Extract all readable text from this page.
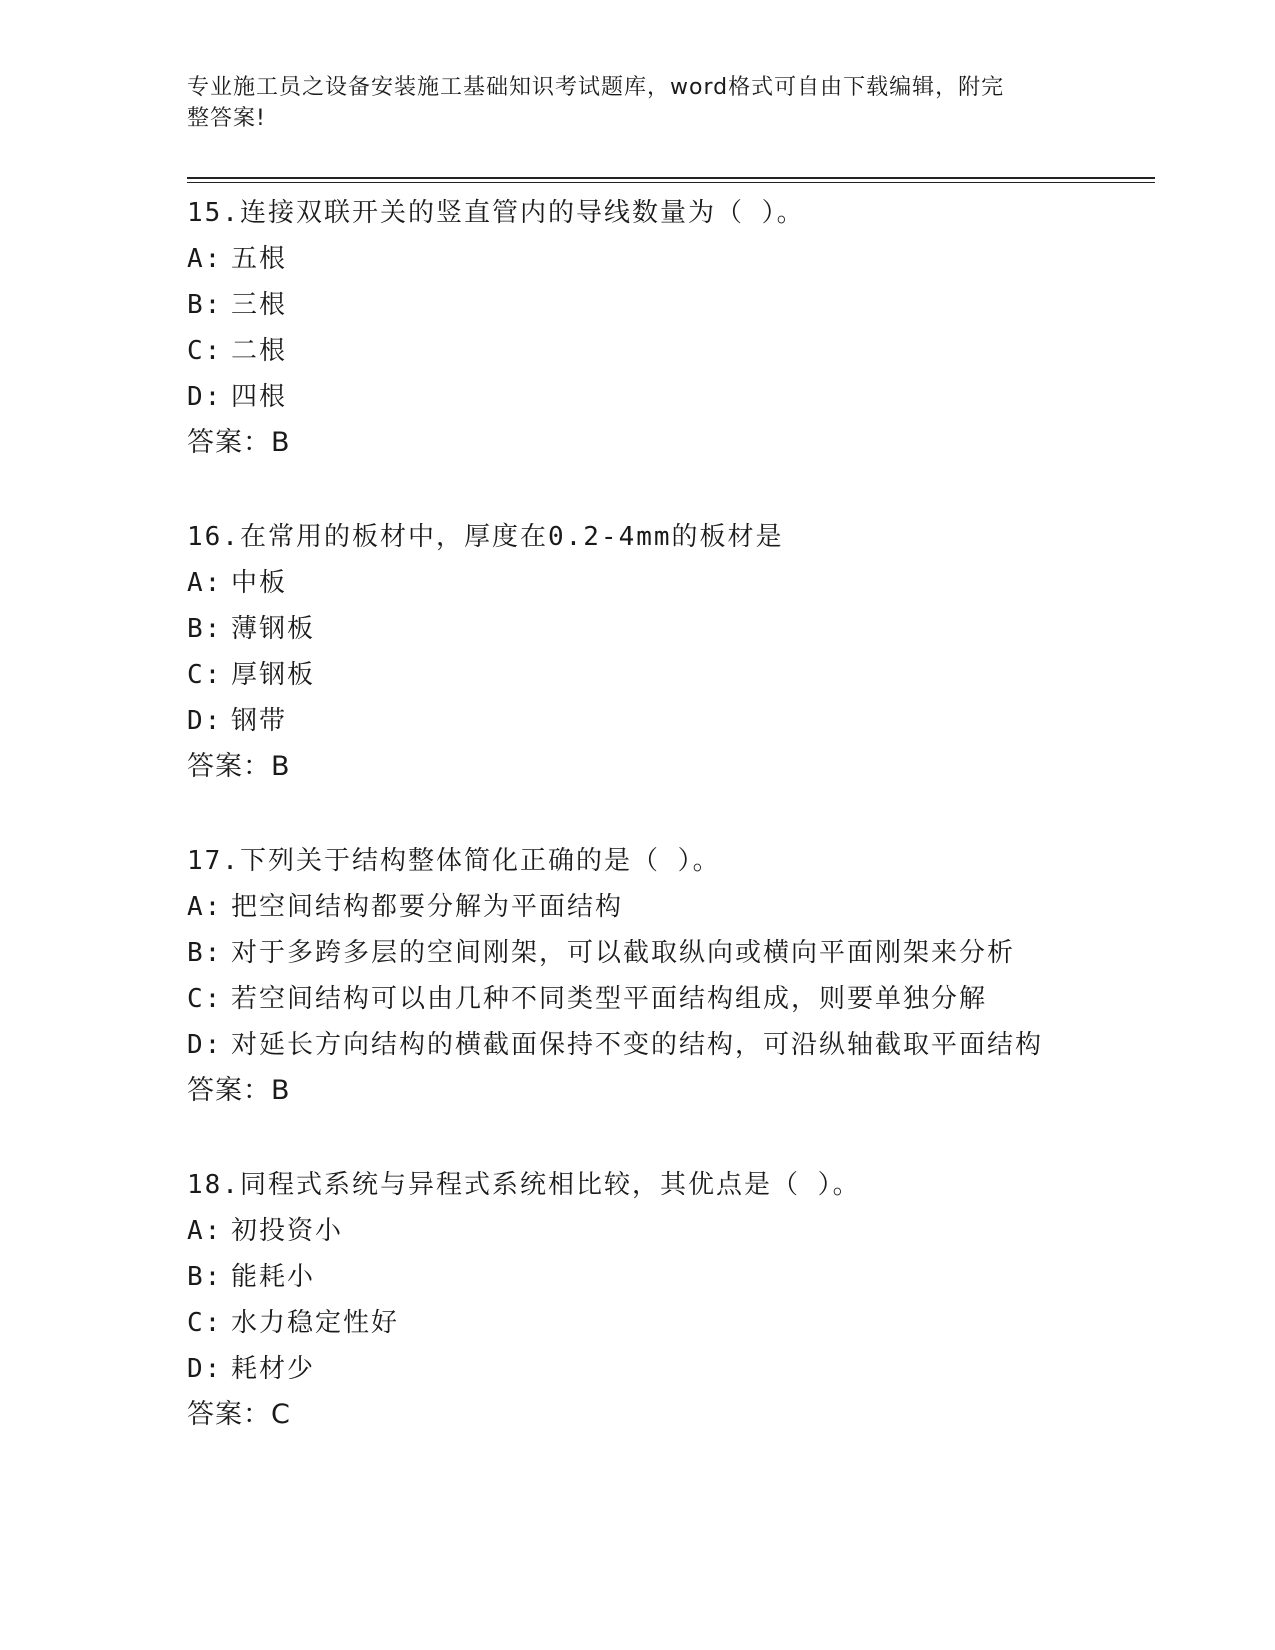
专业施工员之设备安装施工基础知识考试题库，word格式可自由下载编辑，附完
整答案!
15.连接双联开关的竖直管内的导线数量为（ ）。
A: 五根
B: 三根
C: 二根
D: 四根
答案：B
16.在常用的板材中，厚度在0.2-4mm的板材是
A: 中板
B: 薄钢板
C: 厚钢板
D: 钢带
答案：B
17.下列关于结构整体简化正确的是（ ）。
A: 把空间结构都要分解为平面结构
B: 对于多跨多层的空间刚架，可以截取纵向或横向平面刚架来分析
C: 若空间结构可以由几种不同类型平面结构组成，则要单独分解
D: 对延长方向结构的横截面保持不变的结构，可沿纵轴截取平面结构
答案：B
18.同程式系统与异程式系统相比较，其优点是（ ）。
A: 初投资小
B: 能耗小
C: 水力稳定性好
D: 耗材少
答案：C
